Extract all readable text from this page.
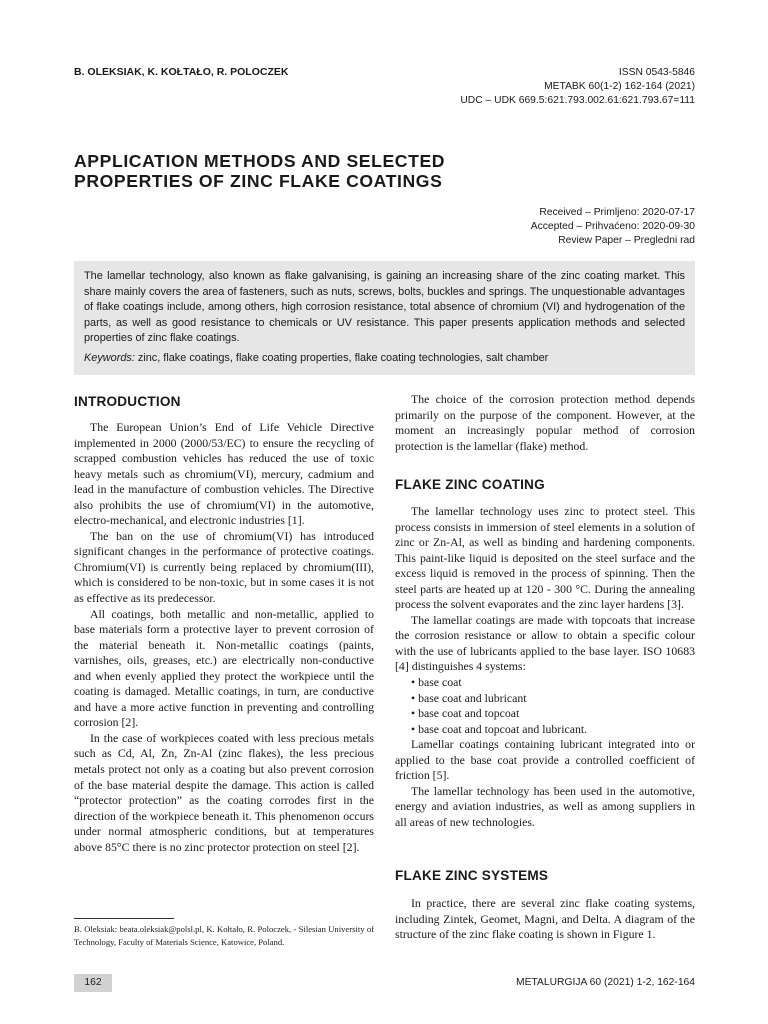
B. OLEKSIAK, K. KOŁTAŁO, R. POLOCZEK	ISSN 0543-5846
METABK 60(1-2) 162-164 (2021)
UDC – UDK 669.5:621.793.002.61:621.793.67=111
APPLICATION METHODS AND SELECTED
PROPERTIES OF ZINC FLAKE COATINGS
Received – Primljeno: 2020-07-17
Accepted – Prihvaćeno: 2020-09-30
Review Paper – Pregledni rad

The lamellar technology, also known as flake galvanising, is gaining an increasing share of the zinc coating market. This share mainly covers the area of fasteners, such as nuts, screws, bolts, buckles and springs. The unquestionable advantages of flake coatings include, among others, high corrosion resistance, total absence of chromium (VI) and hydrogenation of the parts, as well as good resistance to chemicals or UV resistance. This paper presents application methods and selected properties of zinc flake coatings.

Keywords: zinc, flake coatings, flake coating properties, flake coating technologies, salt chamber

INTRODUCTION

The European Union’s End of Life Vehicle Directive implemented in 2000 (2000/53/EC) to ensure the recycling of scrapped combustion vehicles has reduced the use of toxic heavy metals such as chromium(VI), mercury, cadmium and lead in the manufacture of combustion vehicles. The Directive also prohibits the use of chromium(VI) in the automotive, electro-mechanical, and electronic industries [1].

The ban on the use of chromium(VI) has introduced significant changes in the performance of protective coatings. Chromium(VI) is currently being replaced by chromium(III), which is considered to be non-toxic, but in some cases it is not as effective as its predecessor.

All coatings, both metallic and non-metallic, applied to base materials form a protective layer to prevent corrosion of the material beneath it. Non-metallic coatings (paints, varnishes, oils, greases, etc.) are electrically non-conductive and when evenly applied they protect the workpiece until the coating is damaged. Metallic coatings, in turn, are conductive and have a more active function in preventing and controlling corrosion [2].

In the case of workpieces coated with less precious metals such as Cd, Al, Zn, Zn-Al (zinc flakes), the less precious metals protect not only as a coating but also prevent corrosion of the base material despite the damage. This action is called “protector protection” as the coating corrodes first in the direction of the workpiece beneath it. This phenomenon occurs under normal atmospheric conditions, but at temperatures above 85°C there is no zinc protector protection on steel [2].

B. Oleksiak: beata.oleksiak@polsl.pl, K. Kołtało, R. Poloczek, - Silesian University of Technology, Faculty of Materials Science, Katowice, Poland.

The choice of the corrosion protection method depends primarily on the purpose of the component. However, at the moment an increasingly popular method of corrosion protection is the lamellar (flake) method.

FLAKE ZINC COATING

The lamellar technology uses zinc to protect steel. This process consists in immersion of steel elements in a solution of zinc or Zn-Al, as well as binding and hardening components. This paint-like liquid is deposited on the steel surface and the excess liquid is removed in the process of spinning. Then the steel parts are heated up at 120 - 300 °C. During the annealing process the solvent evaporates and the zinc layer hardens [3].

The lamellar coatings are made with topcoats that increase the corrosion resistance or allow to obtain a specific colour with the use of lubricants applied to the base layer. ISO 10683 [4] distinguishes 4 systems:

• base coat
• base coat and lubricant
• base coat and topcoat
• base coat and topcoat and lubricant.

Lamellar coatings containing lubricant integrated into or applied to the base coat provide a controlled coefficient of friction [5].

The lamellar technology has been used in the automotive, energy and aviation industries, as well as among suppliers in all areas of new technologies.

FLAKE ZINC SYSTEMS

In practice, there are several zinc flake coating systems, including Zintek, Geomet, Magni, and Delta. A diagram of the structure of the zinc flake coating is shown in Figure 1.

162	METALURGIJA 60 (2021) 1-2, 162-164
